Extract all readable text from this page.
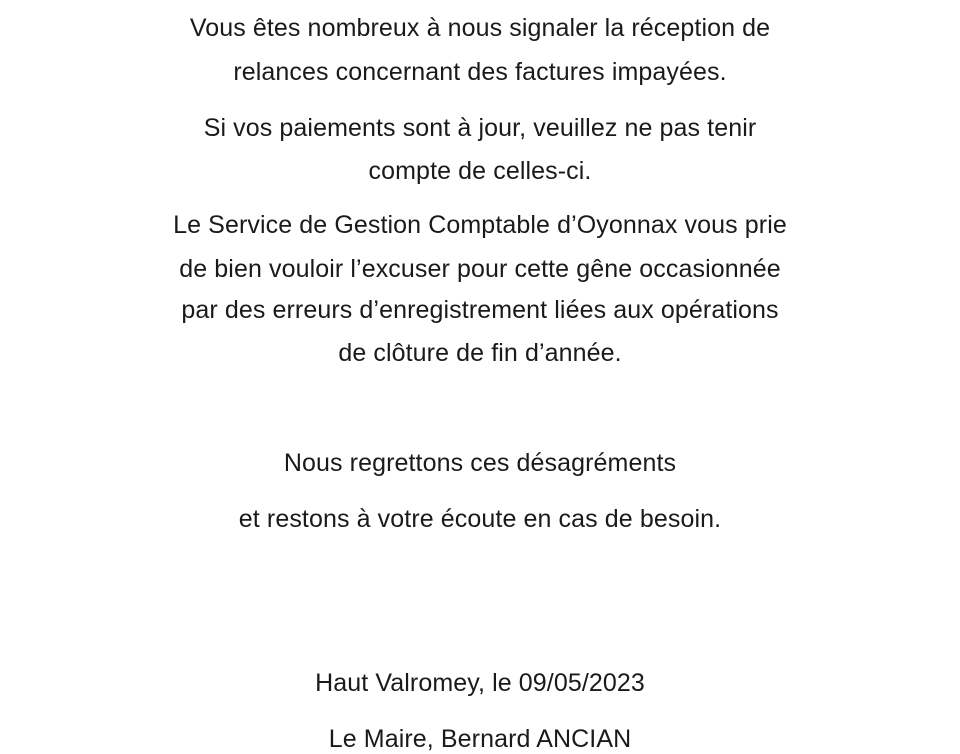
Vous êtes nombreux à nous signaler la réception de
relances concernant des factures impayées.
Si vos paiements sont à jour, veuillez ne pas tenir
compte de celles-ci.
Le Service de Gestion Comptable d’Oyonnax vous prie
de bien vouloir l’excuser pour cette gêne occasionnée
par des erreurs d’enregistrement liées aux opérations
de clôture de fin d’année.
Nous regrettons ces désagréments
et restons à votre écoute en cas de besoin.
Haut Valromey, le 09/05/2023
Le Maire, Bernard ANCIAN
